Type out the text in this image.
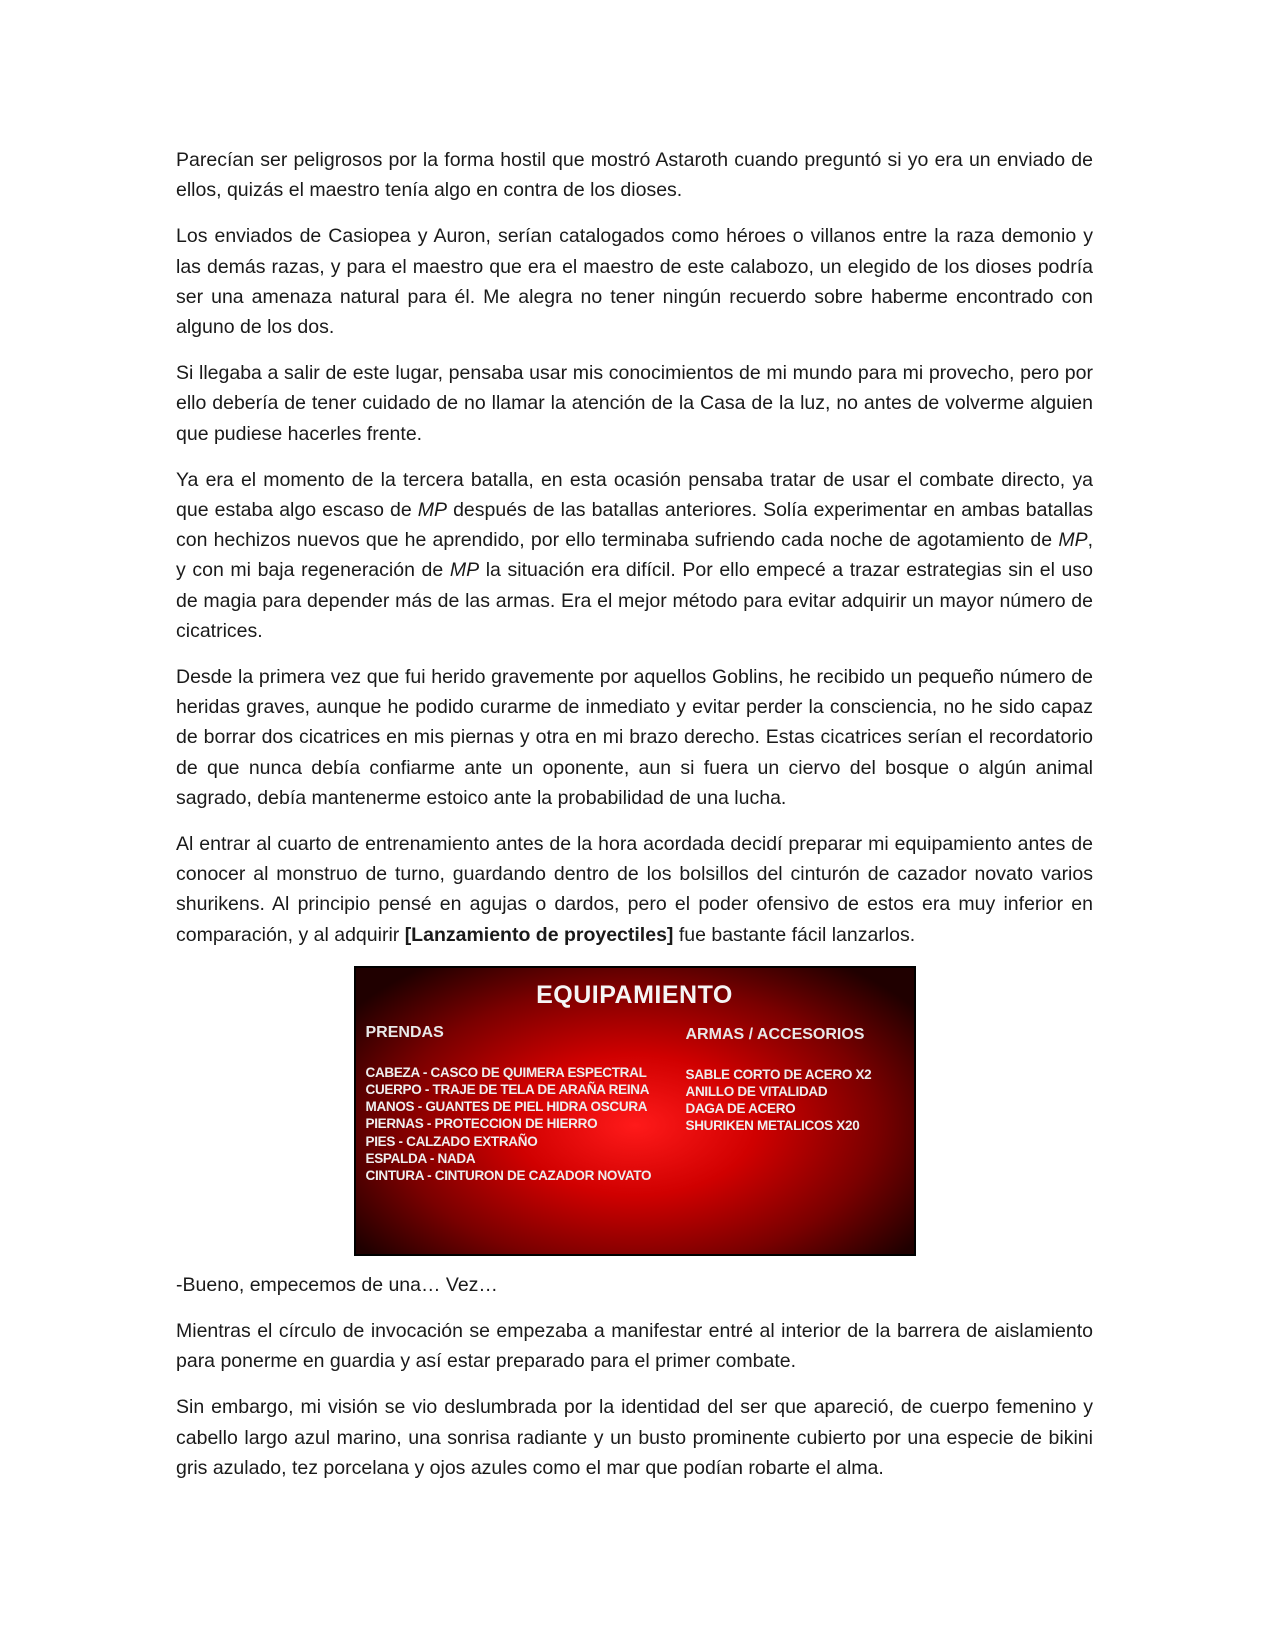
Parecían ser peligrosos por la forma hostil que mostró Astaroth cuando preguntó si yo era un enviado de ellos, quizás el maestro tenía algo en contra de los dioses.

Los enviados de Casiopea y Auron, serían catalogados como héroes o villanos entre la raza demonio y las demás razas, y para el maestro que era el maestro de este calabozo, un elegido de los dioses podría ser una amenaza natural para él. Me alegra no tener ningún recuerdo sobre haberme encontrado con alguno de los dos.

Si llegaba a salir de este lugar, pensaba usar mis conocimientos de mi mundo para mi provecho, pero por ello debería de tener cuidado de no llamar la atención de la Casa de la luz, no antes de volverme alguien que pudiese hacerles frente.

Ya era el momento de la tercera batalla, en esta ocasión pensaba tratar de usar el combate directo, ya que estaba algo escaso de MP después de las batallas anteriores. Solía experimentar en ambas batallas con hechizos nuevos que he aprendido, por ello terminaba sufriendo cada noche de agotamiento de MP, y con mi baja regeneración de MP la situación era difícil. Por ello empecé a trazar estrategias sin el uso de magia para depender más de las armas. Era el mejor método para evitar adquirir un mayor número de cicatrices.

Desde la primera vez que fui herido gravemente por aquellos Goblins, he recibido un pequeño número de heridas graves, aunque he podido curarme de inmediato y evitar perder la consciencia, no he sido capaz de borrar dos cicatrices en mis piernas y otra en mi brazo derecho. Estas cicatrices serían el recordatorio de que nunca debía confiarme ante un oponente, aun si fuera un ciervo del bosque o algún animal sagrado, debía mantenerme estoico ante la probabilidad de una lucha.

Al entrar al cuarto de entrenamiento antes de la hora acordada decidí preparar mi equipamiento antes de conocer al monstruo de turno, guardando dentro de los bolsillos del cinturón de cazador novato varios shurikens. Al principio pensé en agujas o dardos, pero el poder ofensivo de estos era muy inferior en comparación, y al adquirir [Lanzamiento de proyectiles] fue bastante fácil lanzarlos.

EQUIPAMIENTO
PRENDAS	ARMAS / ACCESORIOS
CABEZA - CASCO DE QUIMERA ESPECTRAL
CUERPO - TRAJE DE TELA DE ARAÑA REINA
MANOS - GUANTES DE PIEL HIDRA OSCURA
PIERNAS - PROTECCION DE HIERRO
PIES - CALZADO EXTRAÑO
ESPALDA - NADA
CINTURA - CINTURON DE CAZADOR NOVATO
SABLE CORTO DE ACERO X2
ANILLO DE VITALIDAD
DAGA DE ACERO
SHURIKEN METALICOS X20

-Bueno, empecemos de una… Vez…

Mientras el círculo de invocación se empezaba a manifestar entré al interior de la barrera de aislamiento para ponerme en guardia y así estar preparado para el primer combate.

Sin embargo, mi visión se vio deslumbrada por la identidad del ser que apareció, de cuerpo femenino y cabello largo azul marino, una sonrisa radiante y un busto prominente cubierto por una especie de bikini gris azulado, tez porcelana y ojos azules como el mar que podían robarte el alma.
